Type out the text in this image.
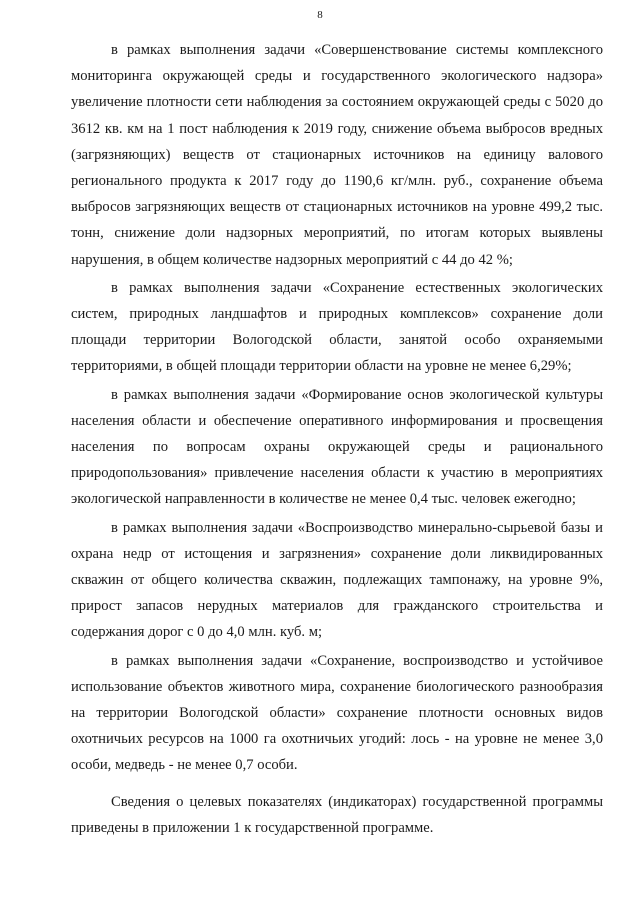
8

в рамках выполнения задачи «Совершенствование системы комплексного мониторинга окружающей среды и государственного экологического надзора» увеличение плотности сети наблюдения за состоянием окружающей среды с 5020 до 3612 кв. км на 1 пост наблюдения к 2019 году, снижение объема выбросов вредных (загрязняющих) веществ от стационарных источников на единицу валового регионального продукта к 2017 году до 1190,6 кг/млн. руб., сохранение объема выбросов загрязняющих веществ от стационарных источников на уровне 499,2 тыс. тонн, снижение доли надзорных мероприятий, по итогам которых выявлены нарушения, в общем количестве надзорных мероприятий с 44 до 42 %;

в рамках выполнения задачи «Сохранение естественных экологических систем, природных ландшафтов и природных комплексов» сохранение доли площади территории Вологодской области, занятой особо охраняемыми территориями, в общей площади территории области на уровне не менее 6,29%;

в рамках выполнения задачи «Формирование основ экологической культуры населения области и обеспечение оперативного информирования и просвещения населения по вопросам охраны окружающей среды и рационального природопользования» привлечение населения области к участию в мероприятиях экологической направленности в количестве не менее 0,4 тыс. человек ежегодно;

в рамках выполнения задачи «Воспроизводство минерально-сырьевой базы и охрана недр от истощения и загрязнения» сохранение доли ликвидированных скважин от общего количества скважин, подлежащих тампонажу, на уровне 9%, прирост запасов нерудных материалов для гражданского строительства и содержания дорог с 0 до 4,0 млн. куб. м;

в рамках выполнения задачи «Сохранение, воспроизводство и устойчивое использование объектов животного мира, сохранение биологического разнообразия на территории Вологодской области» сохранение плотности основных видов охотничьих ресурсов на 1000 га охотничьих угодий: лось - на уровне не менее 3,0 особи, медведь - не менее 0,7 особи.

Сведения о целевых показателях (индикаторах) государственной программы приведены в приложении 1 к государственной программе.
